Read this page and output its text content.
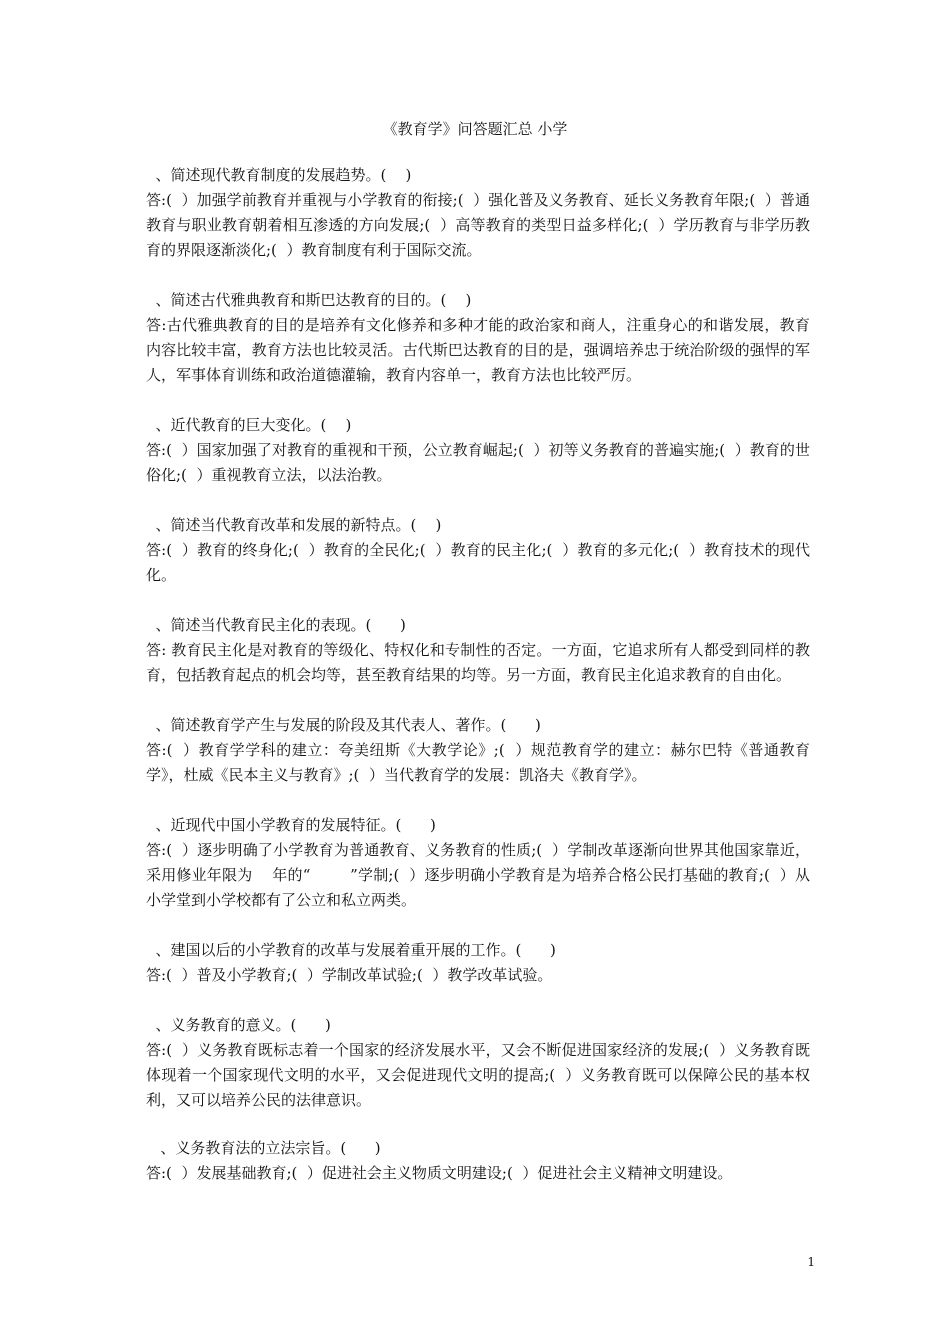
《教育学》问答题汇总 小学

、简述现代教育制度的发展趋势。(    )

答:(  ）加强学前教育并重视与小学教育的衔接;(  ）强化普及义务教育、延长义务教育年限;(  ）普通教育与职业教育朝着相互渗透的方向发展;(  ）高等教育的类型日益多样化;(  ）学历教育与非学历教育的界限逐渐淡化;(  ）教育制度有利于国际交流。

、简述古代雅典教育和斯巴达教育的目的。(    )

答:古代雅典教育的目的是培养有文化修养和多种才能的政治家和商人，注重身心的和谐发展，教育内容比较丰富，教育方法也比较灵活。古代斯巴达教育的目的是，强调培养忠于统治阶级的强悍的军人，军事体育训练和政治道德灌输，教育内容单一，教育方法也比较严厉。

、近代教育的巨大变化。(    )

答:(  ）国家加强了对教育的重视和干预，公立教育崛起;(  ）初等义务教育的普遍实施;(  ）教育的世俗化;(  ）重视教育立法，以法治教。

、简述当代教育改革和发展的新特点。(    )

答:(  ）教育的终身化;(  ）教育的全民化;(  ）教育的民主化;(  ）教育的多元化;(  ）教育技术的现代化。

、简述当代教育民主化的表现。(      )

答: 教育民主化是对教育的等级化、特权化和专制性的否定。一方面，它追求所有人都受到同样的教育，包括教育起点的机会均等，甚至教育结果的均等。另一方面，教育民主化追求教育的自由化。

、简述教育学产生与发展的阶段及其代表人、著作。(      )

答:(  ）教育学学科的建立：夸美纽斯《大教学论》;(  ）规范教育学的建立：赫尔巴特《普通教育学》，杜威《民本主义与教育》;(  ）当代教育学的发展：凯洛夫《教育学》。

、近现代中国小学教育的发展特征。(      )

答:(  ）逐步明确了小学教育为普通教育、义务教育的性质;(  ）学制改革逐渐向世界其他国家靠近，采用修业年限为    年的“        ”学制;(  ）逐步明确小学教育是为培养合格公民打基础的教育;(  ）从小学堂到小学校都有了公立和私立两类。

、建国以后的小学教育的改革与发展着重开展的工作。(      )

答:(  ）普及小学教育;(  ）学制改革试验;(  ）教学改革试验。

、义务教育的意义。(      )

答:(  ）义务教育既标志着一个国家的经济发展水平，又会不断促进国家经济的发展;(  ）义务教育既体现着一个国家现代文明的水平，又会促进现代文明的提高;(  ）义务教育既可以保障公民的基本权利，又可以培养公民的法律意识。

、义务教育法的立法宗旨。(      )

答:(  ）发展基础教育;(  ）促进社会主义物质文明建设;(  ）促进社会主义精神文明建设。

1
